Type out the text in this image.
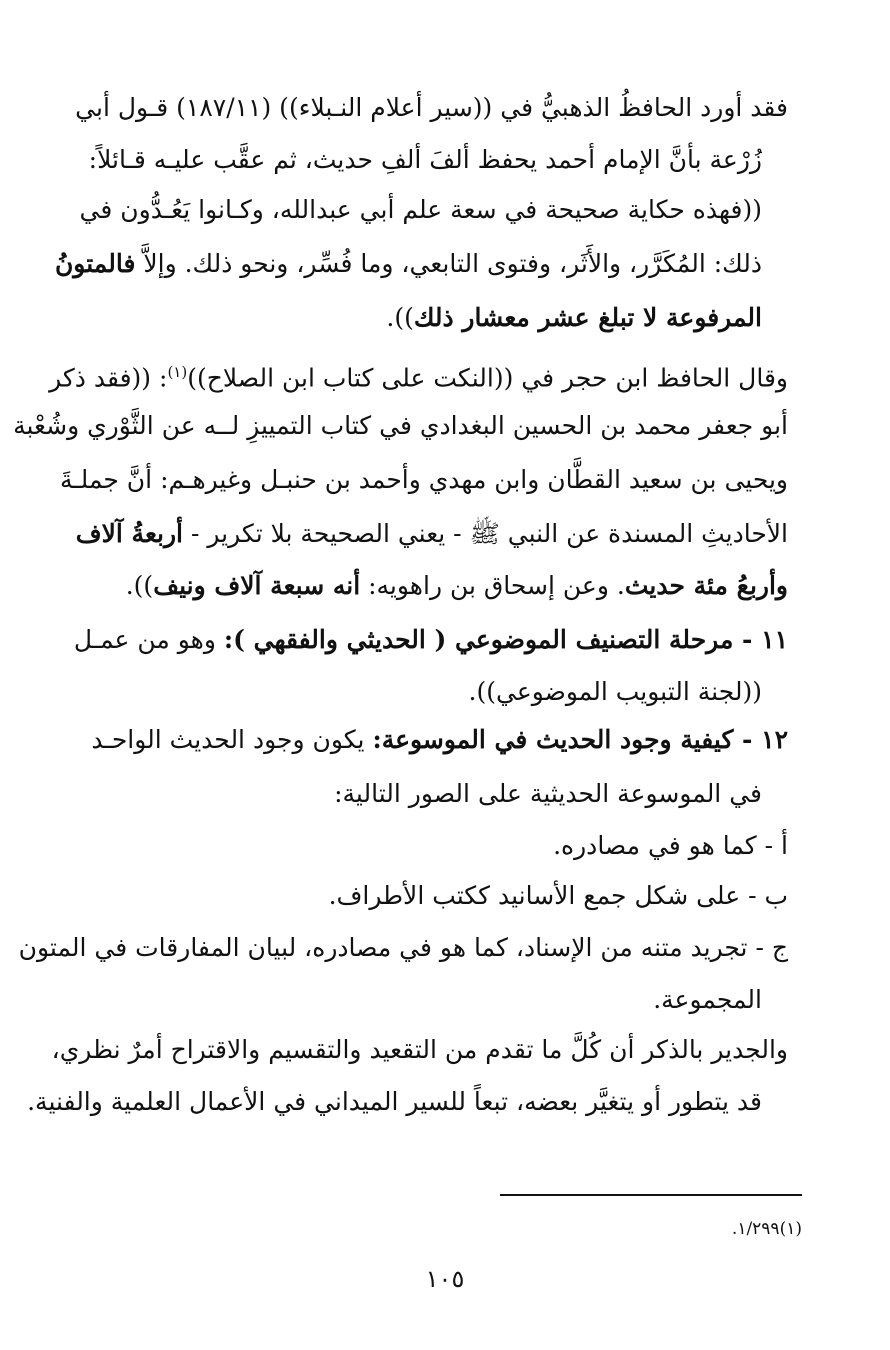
فقد أورد الحافظُ الذهبيُّ في ((سير أعلام النـبلاء)) (١٨٧/١١) قـول أبي
زُرْعة بأنَّ الإمام أحمد يحفظ ألفَ ألفِ حديث، ثم عقَّب عليـه قـائلاً:
((فهذه حكاية صحيحة في سعة علم أبي عبدالله، وكـانوا يَعُـدُّون في
ذلك: المُكَرَّر، والأَثَر، وفتوى التابعي، وما فُسِّر، ونحو ذلك. وإلاَّ فالمتونُ
المرفوعة لا تبلغ عشر معشار ذلك)).
وقال الحافظ ابن حجر في ((النكت على كتاب ابن الصلاح))$^{(١)}$: ((فقد ذكر
أبو جعفر محمد بن الحسين البغدادي في كتاب التمييزِ لــه عن الثَّوْري وشُعْبة
ويحيى بن سعيد القطَّان وابن مهدي وأحمد بن حنبـل وغيرهـم: أنَّ جملـةَ
الأحاديثِ المسندة عن النبي ﷺ - يعني الصحيحة بلا تكرير - أربعةُ آلاف
وأربعُ مئة حديث. وعن إسحاق بن راهويه: أنه سبعة آلاف ونيف)).
١١ - مرحلة التصنيف الموضوعي ( الحديثي والفقهي ): وهو من عمـل
((لجنة التبويب الموضوعي)).
١٢ - كيفية وجود الحديث في الموسوعة: يكون وجود الحديث الواحـد
في الموسوعة الحديثية على الصور التالية:
أ - كما هو في مصادره.
ب - على شكل جمع الأسانيد ككتب الأطراف.
ج - تجريد متنه من الإسناد، كما هو في مصادره، لبيان المفارقات في المتون
المجموعة.
والجدير بالذكر أن كُلَّ ما تقدم من التقعيد والتقسيم والاقتراح أمرٌ نظري،
قد يتطور أو يتغيَّر بعضه، تبعاً للسير الميداني في الأعمال العلمية والفنية.
(١)١/٢٩٩.
١٠٥
